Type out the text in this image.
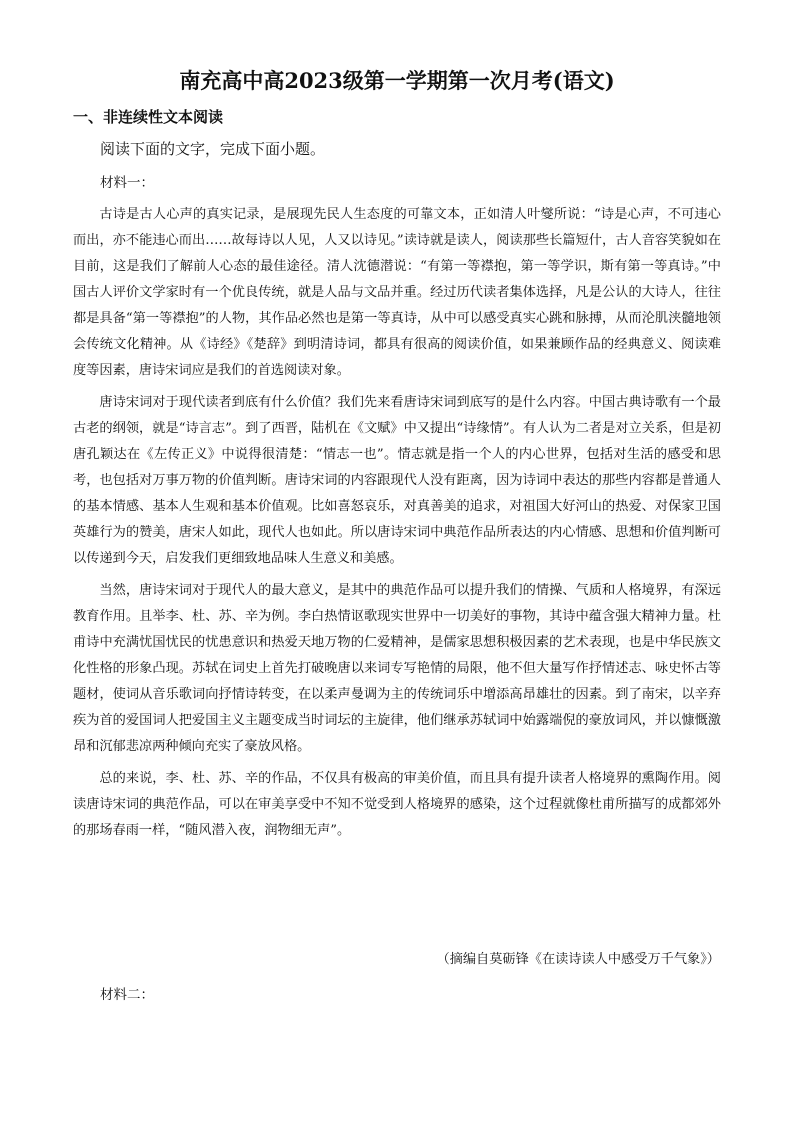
南充高中高2023级第一学期第一次月考(语文)
一、非连续性文本阅读
阅读下面的文字，完成下面小题。
材料一：

古诗是古人心声的真实记录，是展现先民人生态度的可靠文本，正如清人叶燮所说：“诗是心声，不可违心而出，亦不能违心而出……故每诗以人见，人又以诗见。”读诗就是读人，阅读那些长篇短什，古人音容笑貌如在目前，这是我们了解前人心态的最佳途径。清人沈德潜说：“有第一等襟抱，第一等学识，斯有第一等真诗。”中国古人评价文学家时有一个优良传统，就是人品与文品并重。经过历代读者集体选择，凡是公认的大诗人，往往都是具备“第一等襟抱”的人物，其作品必然也是第一等真诗，从中可以感受真实心跳和脉搏，从而沦肌浃髓地领会传统文化精神。从《诗经》《楚辞》到明清诗词，都具有很高的阅读价值，如果兼顾作品的经典意义、阅读难度等因素，唐诗宋词应是我们的首选阅读对象。

唐诗宋词对于现代读者到底有什么价值？我们先来看唐诗宋词到底写的是什么内容。中国古典诗歌有一个最古老的纲领，就是“诗言志”。到了西晋，陆机在《文赋》中又提出“诗缘情”。有人认为二者是对立关系，但是初唐孔颖达在《左传正义》中说得很清楚：“情志一也”。情志就是指一个人的内心世界，包括对生活的感受和思考，也包括对万事万物的价值判断。唐诗宋词的内容跟现代人没有距离，因为诗词中表达的那些内容都是普通人的基本情感、基本人生观和基本价值观。比如喜怒哀乐，对真善美的追求，对祖国大好河山的热爱、对保家卫国英雄行为的赞美，唐宋人如此，现代人也如此。所以唐诗宋词中典范作品所表达的内心情感、思想和价值判断可以传递到今天，启发我们更细致地品味人生意义和美感。

当然，唐诗宋词对于现代人的最大意义，是其中的典范作品可以提升我们的情操、气质和人格境界，有深远教育作用。且举李、杜、苏、辛为例。李白热情讴歌现实世界中一切美好的事物，其诗中蕴含强大精神力量。杜甫诗中充满忧国忧民的忧患意识和热爱天地万物的仁爱精神，是儒家思想积极因素的艺术表现，也是中华民族文化性格的形象凸现。苏轼在词史上首先打破晚唐以来词专写艳情的局限，他不但大量写作抒情述志、咏史怀古等题材，使词从音乐歌词向抒情诗转变，在以柔声曼调为主的传统词乐中增添高昂雄壮的因素。到了南宋，以辛弃疾为首的爱国词人把爱国主义主题变成当时词坛的主旋律，他们继承苏轼词中始露端倪的豪放词风，并以慷慨激昂和沉郁悲凉两种倾向充实了豪放风格。

总的来说，李、杜、苏、辛的作品，不仅具有极高的审美价值，而且具有提升读者人格境界的熏陶作用。阅读唐诗宋词的典范作品，可以在审美享受中不知不觉受到人格境界的感染，这个过程就像杜甫所描写的成都郊外的那场春雨一样，“随风潜入夜，润物细无声”。

（摘编自莫砺锋《在读诗读人中感受万千气象》）
材料二：
